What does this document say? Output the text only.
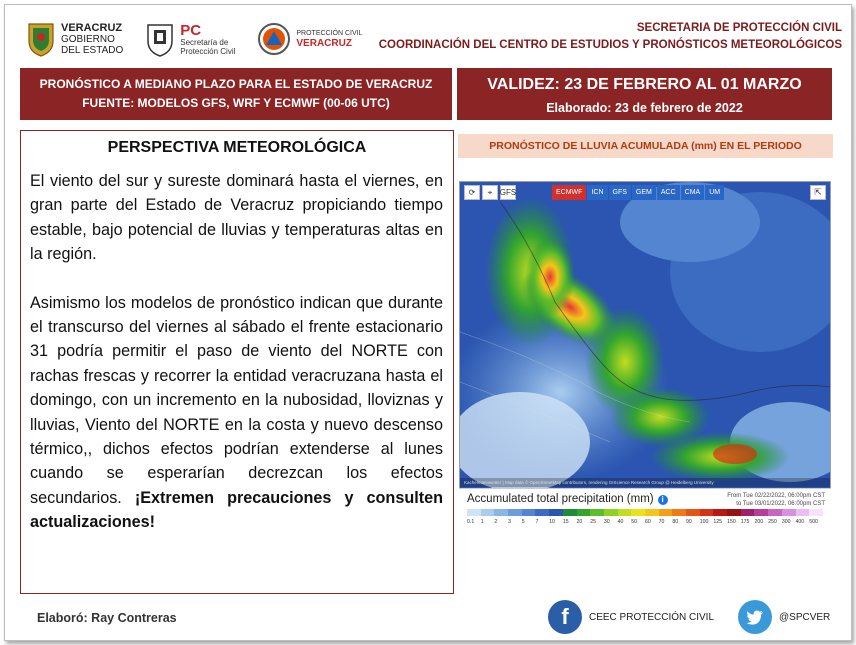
VERACRUZ
GOBIERNO
DEL ESTADO
PC
Secretaría de
Protección Civil
PROTECCIÓN CIVIL
VERACRUZ
SECRETARIA DE PROTECCIÓN CIVIL
COORDINACIÓN DEL CENTRO DE ESTUDIOS Y PRONÓSTICOS METEOROLÓGICOS
PRONÓSTICO A MEDIANO PLAZO PARA EL ESTADO DE VERACRUZ
FUENTE: MODELOS GFS, WRF Y ECMWF (00-06 UTC)
VALIDEZ: 23 DE FEBRERO AL 01 MARZO
Elaborado: 23 de febrero de 2022
PERSPECTIVA METEOROLÓGICA

El viento del sur y sureste dominará hasta el viernes, en gran parte del Estado de Veracruz propiciando tiempo estable, bajo potencial de lluvias y temperaturas altas en la región.

Asimismo los modelos de pronóstico indican que durante el transcurso del viernes al sábado el frente estacionario 31 podría permitir el paso de viento del NORTE con rachas frescas y recorrer la entidad veracruzana hasta el domingo, con un incremento en la nubosidad, lloviznas y lluvias, Viento del NORTE en la costa y nuevo descenso térmico,, dichos efectos podrían extenderse al lunes cuando se esperarían decrezcan los efectos secundarios. ¡Extremen precauciones y consulten actualizaciones!

PRONÓSTICO DE LLUVIA ACUMULADA (mm) EN EL PERIODO
⟳	⌖ GFS	ECMWF	ICN	GFS	GEM	ACC	CMA	UM	⇱
Kachelmannwetter | Map data © OpenStreetMap contributors, rendering GIScience Research Group @ Heidelberg University
Accumulated total precipitation (mm) i	From Tue 02/22/2022, 06:00pm CST
to Tue 03/01/2022, 06:00pm CST
0.1	1	2	3	5	7	10	15	20	25	30	40	50	60	70	80	90	100 125 150 175 200 250 300 400 500
Elaboró: Ray Contreras	f	CEEC PROTECCIÓN CIVIL	@SPCVER
